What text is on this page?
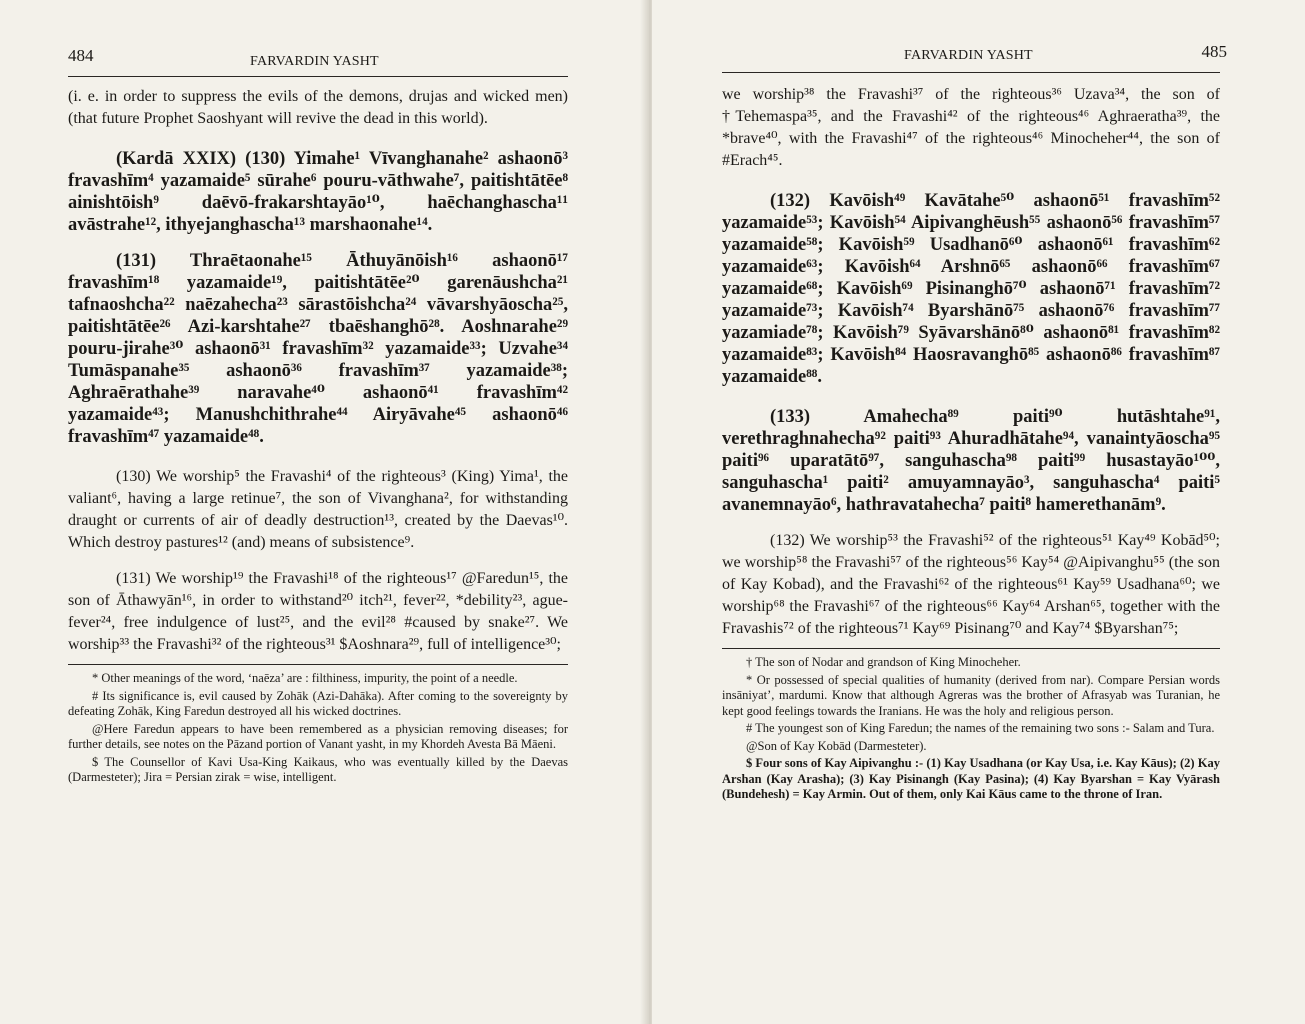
484	FARVARDIN YASHT

(i. e. in order to suppress the evils of the demons, drujas and wicked men) (that future Prophet Saoshyant will revive the dead in this world).

(Kardā XXIX) (130) Yimahe¹ Vīvanghanahe² ashaonō³ fravashīm⁴ yazamaide⁵ sūrahe⁶ pouru-vāthwahe⁷, paitishtātēe⁸ ainishtōish⁹ daēvō-frakarshtayāo¹⁰, haēchanghascha¹¹ avāstrahe¹², ithyejanghascha¹³ marshaonahe¹⁴.

(131) Thraētaonahe¹⁵ Āthuyānōish¹⁶ ashaonō¹⁷ fravashīm¹⁸ yazamaide¹⁹, paitishtātēe²⁰ garenāushcha²¹ tafnaoshcha²² naēzahecha²³ sārastōishcha²⁴ vāvarshyāoscha²⁵, paitishtātēe²⁶ Azi-karshtahe²⁷ tbaēshanghō²⁸. Aoshnarahe²⁹ pouru-jirahe³⁰ ashaonō³¹ fravashīm³² yazamaide³³; Uzvahe³⁴ Tumāspanahe³⁵ ashaonō³⁶ fravashīm³⁷ yazamaide³⁸; Aghraērathahe³⁹ naravahe⁴⁰ ashaonō⁴¹ fravashīm⁴² yazamaide⁴³; Manushchithrahe⁴⁴ Airyāvahe⁴⁵ ashaonō⁴⁶ fravashīm⁴⁷ yazamaide⁴⁸.

(130) We worship⁵ the Fravashi⁴ of the righteous³ (King) Yima¹, the valiant⁶, having a large retinue⁷, the son of Vivanghana², for withstanding draught or currents of air of deadly destruction¹³, created by the Daevas¹⁰. Which destroy pastures¹² (and) means of subsistence⁹.

(131) We worship¹⁹ the Fravashi¹⁸ of the righteous¹⁷ @Faredun¹⁵, the son of Āthawyān¹⁶, in order to withstand²⁰ itch²¹, fever²², *debility²³, ague-fever²⁴, free indulgence of lust²⁵, and the evil²⁸ #caused by snake²⁷. We worship³³ the Fravashi³² of the righteous³¹ $Aoshnara²⁹, full of intelligence³⁰;

* Other meanings of the word, ‘naēza’ are : filthiness, impurity, the point of a needle.

# Its significance is, evil caused by Zohāk (Azi-Dahāka). After coming to the sovereignty by defeating Zohāk, King Faredun destroyed all his wicked doctrines.

@Here Faredun appears to have been remembered as a physician removing diseases; for further details, see notes on the Pāzand portion of Vanant yasht, in my Khordeh Avesta Bā Māeni.

$ The Counsellor of Kavi Usa-King Kaikaus, who was eventually killed by the Daevas (Darmesteter); Jira = Persian zirak = wise, intelligent.

485
FARVARDIN YASHT

we worship³⁸ the Fravashi³⁷ of the righteous³⁶ Uzava³⁴, the son of †Tehemaspa³⁵, and the Fravashi⁴² of the righteous⁴⁶ Aghraeratha³⁹, the *brave⁴⁰, with the Fravashi⁴⁷ of the righteous⁴⁶ Minocheher⁴⁴, the son of #Erach⁴⁵.

(132) Kavōish⁴⁹ Kavātahe⁵⁰ ashaonō⁵¹ fravashīm⁵² yazamaide⁵³; Kavōish⁵⁴ Aipivanghēush⁵⁵ ashaonō⁵⁶ fravashīm⁵⁷ yazamaide⁵⁸; Kavōish⁵⁹ Usadhanō⁶⁰ ashaonō⁶¹ fravashīm⁶² yazamaide⁶³; Kavōish⁶⁴ Arshnō⁶⁵ ashaonō⁶⁶ fravashīm⁶⁷ yazamaide⁶⁸; Kavōish⁶⁹ Pisinanghō⁷⁰ ashaonō⁷¹ fravashīm⁷² yazamaide⁷³; Kavōish⁷⁴ Byarshānō⁷⁵ ashaonō⁷⁶ fravashīm⁷⁷ yazamiade⁷⁸; Kavōish⁷⁹ Syāvarshānō⁸⁰ ashaonō⁸¹ fravashīm⁸² yazamaide⁸³; Kavōish⁸⁴ Haosravanghō⁸⁵ ashaonō⁸⁶ fravashīm⁸⁷ yazamaide⁸⁸.

(133) Amahecha⁸⁹ paiti⁹⁰ hutāshtahe⁹¹, verethraghnahecha⁹² paiti⁹³ Ahuradhātahe⁹⁴, vanaintyāoscha⁹⁵ paiti⁹⁶ uparatātō⁹⁷, sanguhascha⁹⁸ paiti⁹⁹ husastayāo¹⁰⁰, sanguhascha¹ paiti² amuyamnayāo³, sanguhascha⁴ paiti⁵ avanemnayāo⁶, hathravatahecha⁷ paiti⁸ hamerethanām⁹.

(132) We worship⁵³ the Fravashi⁵² of the righteous⁵¹ Kay⁴⁹ Kobād⁵⁰; we worship⁵⁸ the Fravashi⁵⁷ of the righteous⁵⁶ Kay⁵⁴ @Aipivanghu⁵⁵ (the son of Kay Kobad), and the Fravashi⁶² of the righteous⁶¹ Kay⁵⁹ Usadhana⁶⁰; we worship⁶⁸ the Fravashi⁶⁷ of the righteous⁶⁶ Kay⁶⁴ Arshan⁶⁵, together with the Fravashis⁷² of the righteous⁷¹ Kay⁶⁹ Pisinang⁷⁰ and Kay⁷⁴ $Byarshan⁷⁵;

† The son of Nodar and grandson of King Minocheher.

* Or possessed of special qualities of humanity (derived from nar). Compare Persian words insāniyat’, mardumi. Know that although Agreras was the brother of Afrasyab was Turanian, he kept good feelings towards the Iranians. He was the holy and religious person.

# The youngest son of King Faredun; the names of the remaining two sons :- Salam and Tura.

@Son of Kay Kobād (Darmesteter).

$ Four sons of Kay Aipivanghu :- (1) Kay Usadhana (or Kay Usa, i.e. Kay Kāus); (2) Kay Arshan (Kay Arasha); (3) Kay Pisinangh (Kay Pasina); (4) Kay Byarshan = Kay Vyārash (Bundehesh) = Kay Armin. Out of them, only Kai Kāus came to the throne of Iran.
